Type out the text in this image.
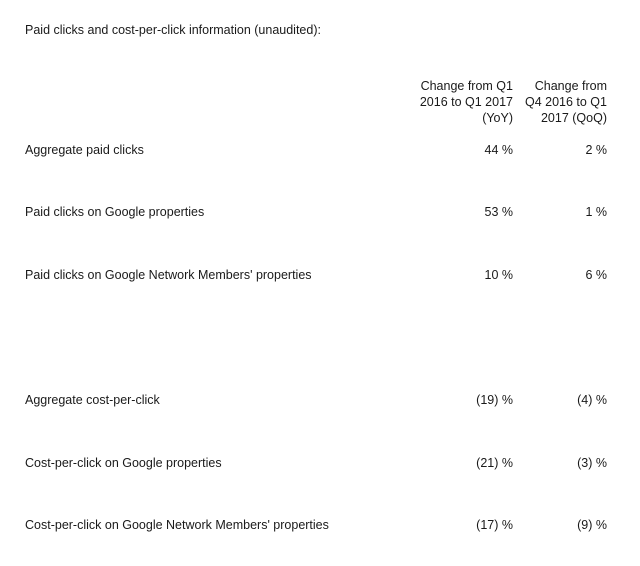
Paid clicks and cost-per-click information (unaudited):
Change from Q1 2016 to Q1 2017 (YoY)
Change from Q4 2016 to Q1 2017 (QoQ)
Aggregate paid clicks	44 %	2 %
Paid clicks on Google properties	53 %	1 %
Paid clicks on Google Network Members' properties	10 %	6 %
Aggregate cost-per-click	(19) %	(4) %
Cost-per-click on Google properties	(21) %	(3) %
Cost-per-click on Google Network Members' properties	(17) %	(9) %
